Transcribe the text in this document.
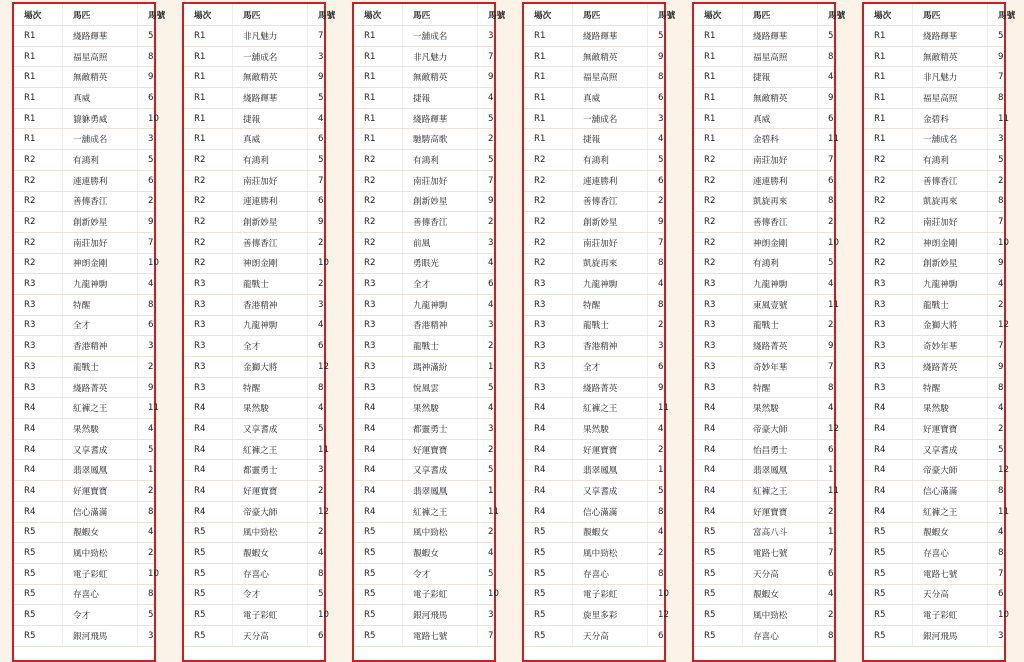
場次	馬匹	馬號
R1	綫路輝華	5
R1	福星高照	8
R1	無敵精英	9
R1	真威	6
R1	貔貅勇威	10
R1	一舖成名	3
R2	有鴻利	5
R2	連連勝利	6
R2	善傳香江	2
R2	創新妙星	9
R2	南莊加好	7
R2	神朗金剛	10
R3	九龍神駒	4
R3	特醒	8
R3	全才	6
R3	香港精神	3
R3	龍戰士	2
R3	綫路菁英	9
R4	紅褲之王	11
R4	果然駿	4
R4	又享耆成	5
R4	翡翠鳳凰	1
R4	好運寶寶	2
R4	信心滿滿	8
R5	靚蝦女	4
R5	風中勁松	2
R5	電子彩虹	10
R5	存喜心	8
R5	令才	5
R5	銀河飛馬	3
場次	馬匹	馬號
R1	非凡魅力	7
R1	一舖成名	3
R1	無敵精英	9
R1	綫路輝華	5
R1	捷報	4
R1	真威	6
R2	有鴻利	5
R2	南莊加好	7
R2	連連勝利	6
R2	創新妙星	9
R2	善傳香江	2
R2	神朗金剛	10
R3	龍戰士	2
R3	香港精神	3
R3	九龍神駒	4
R3	全才	6
R3	金獅大將	12
R3	特醒	8
R4	果然駿	4
R4	又享耆成	5
R4	紅褲之王	11
R4	都靈勇士	3
R4	好運寶寶	2
R4	帝豪大師	12
R5	風中勁松	2
R5	靚蝦女	4
R5	存喜心	8
R5	令才	5
R5	電子彩虹	10
R5	天分高	6
場次	馬匹	馬號
R1	一舖成名	3
R1	非凡魅力	7
R1	無敵精英	9
R1	捷報	4
R1	綫路輝華	5
R1	馳騁高歌	2
R2	有鴻利	5
R2	南莊加好	7
R2	創新妙星	9
R2	善傳香江	2
R2	前風	3
R2	勇眼光	4
R3	全才	6
R3	九龍神駒	4
R3	香港精神	3
R3	龍戰士	2
R3	瑪神滿紛	1
R3	悅風雲	5
R4	果然駿	4
R4	都靈勇士	3
R4	好運寶寶	2
R4	又享耆成	5
R4	翡翠鳳凰	1
R4	紅褲之王	11
R5	風中勁松	2
R5	靚蝦女	4
R5	令才	5
R5	電子彩虹	10
R5	銀河飛馬	3
R5	電路七號	7
場次	馬匹	馬號
R1	綫路輝華	5
R1	無敵精英	9
R1	福星高照	8
R1	真威	6
R1	一舖成名	3
R1	捷報	4
R2	有鴻利	5
R2	連連勝利	6
R2	善傳香江	2
R2	創新妙星	9
R2	南莊加好	7
R2	凱旋再來	8
R3	九龍神駒	4
R3	特醒	8
R3	龍戰士	2
R3	香港精神	3
R3	全才	6
R3	綫路菁英	9
R4	紅褲之王	11
R4	果然駿	4
R4	好運寶寶	2
R4	翡翠鳳凰	1
R4	又享耆成	5
R4	信心滿滿	8
R5	靚蝦女	4
R5	風中勁松	2
R5	存喜心	8
R5	電子彩虹	10
R5	旋里多彩	12
R5	天分高	6
場次	馬匹	馬號
R1	綫路輝華	5
R1	福星高照	8
R1	捷報	4
R1	無敵精英	9
R1	真威	6
R1	金碧科	11
R2	南莊加好	7
R2	連連勝利	6
R2	凱旋再來	8
R2	善傳香江	2
R2	神朗金剛	10
R2	有鴻利	5
R3	九龍神駒	4
R3	東風壹號	11
R3	龍戰士	2
R3	綫路菁英	9
R3	奇妙年華	7
R3	特醒	8
R4	果然駿	4
R4	帝豪大師	12
R4	怡昌勇士	6
R4	翡翠鳳凰	1
R4	紅褲之王	11
R4	好運寶寶	2
R5	富高八斗	1
R5	電路七號	7
R5	天分高	6
R5	靚蝦女	4
R5	風中勁松	2
R5	存喜心	8
場次	馬匹	馬號
R1	綫路輝華	5
R1	無敵精英	9
R1	非凡魅力	7
R1	福星高照	8
R1	金碧科	11
R1	一舖成名	3
R2	有鴻利	5
R2	善傳香江	2
R2	凱旋再來	8
R2	南莊加好	7
R2	神朗金剛	10
R2	創新妙星	9
R3	九龍神駒	4
R3	龍戰士	2
R3	金獅大將	12
R3	奇妙年華	7
R3	綫路菁英	9
R3	特醒	8
R4	果然駿	4
R4	好運寶寶	2
R4	又享耆成	5
R4	帝豪大師	12
R4	信心滿滿	8
R4	紅褲之王	11
R5	靚蝦女	4
R5	存喜心	8
R5	電路七號	7
R5	天分高	6
R5	電子彩虹	10
R5	銀河飛馬	3
